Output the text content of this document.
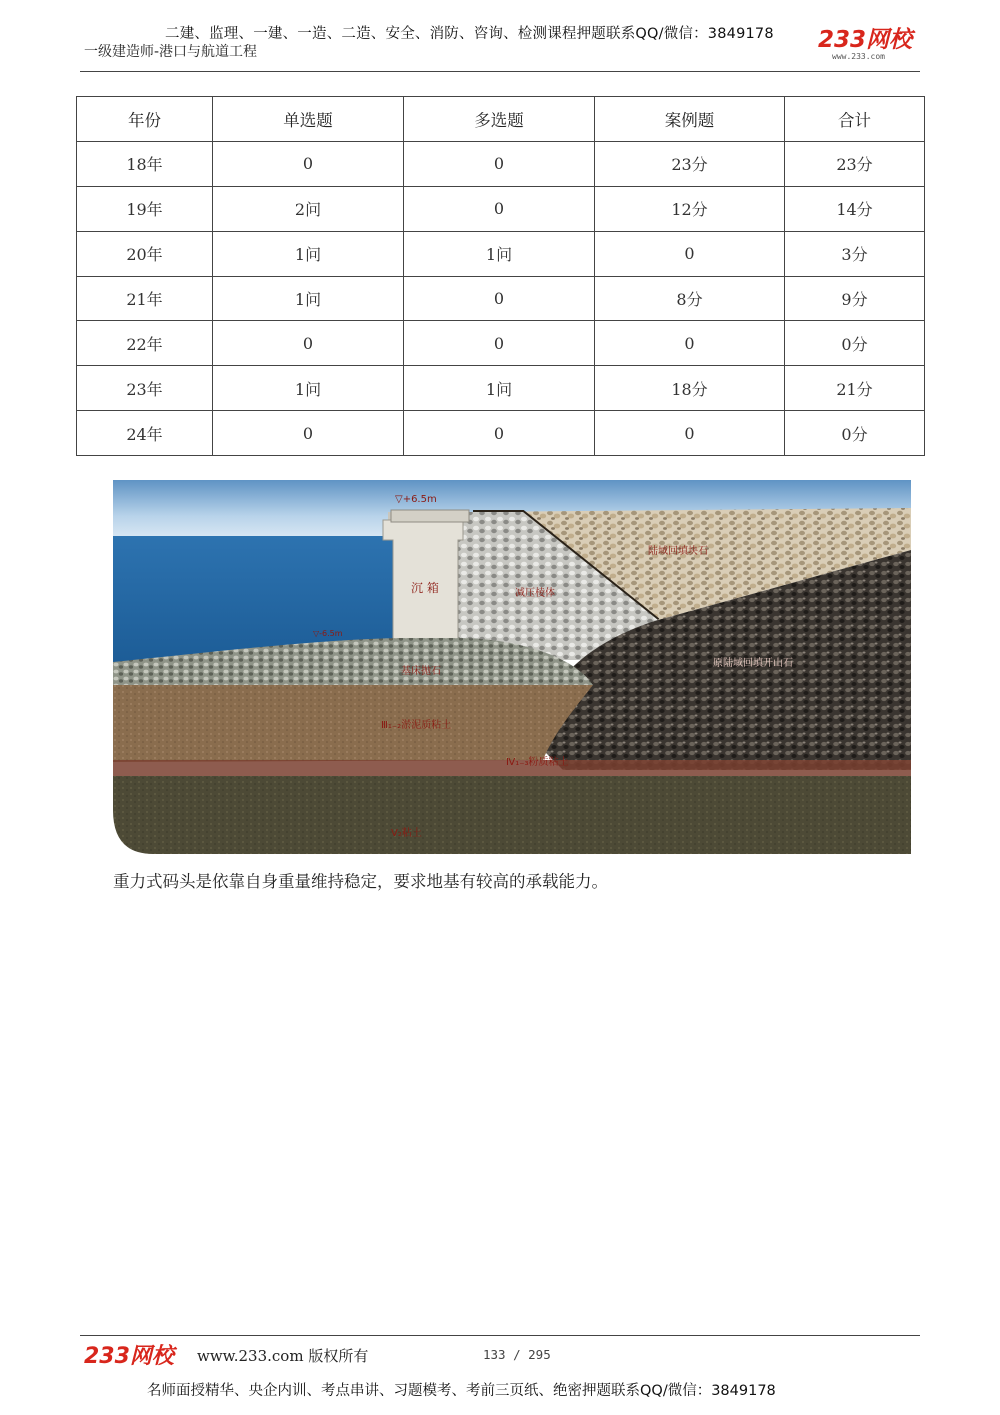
二建、监理、一建、一造、二造、安全、消防、咨询、检测课程押题联系QQ/微信：3849178
一级建造师-港口与航道工程	233网校
www.233.com
年份	单选题	多选题	案例题	合计
18年	0	0	23分	23分
19年	2问	0	12分	14分
20年	1问	1问	0	3分
21年	1问	0	8分	9分
22年	0	0	0	0分
23年	1问	1问	18分	21分
24年	0	0	0	0分
▽+6.5m
沉 箱	减压棱体
陆域回填块石
▽-6.5m
基床抛石
原陆域回填开山石
Ⅲ₁₋₂淤泥质粘土
Ⅳ₁₋₃粉质粘土
Ⅴ₂粘土
重力式码头是依靠自身重量维持稳定，要求地基有较高的承载能力。
233网校 www.233.com 版权所有	133 / 295
名师面授精华、央企内训、考点串讲、习题模考、考前三页纸、绝密押题联系QQ/微信：3849178
